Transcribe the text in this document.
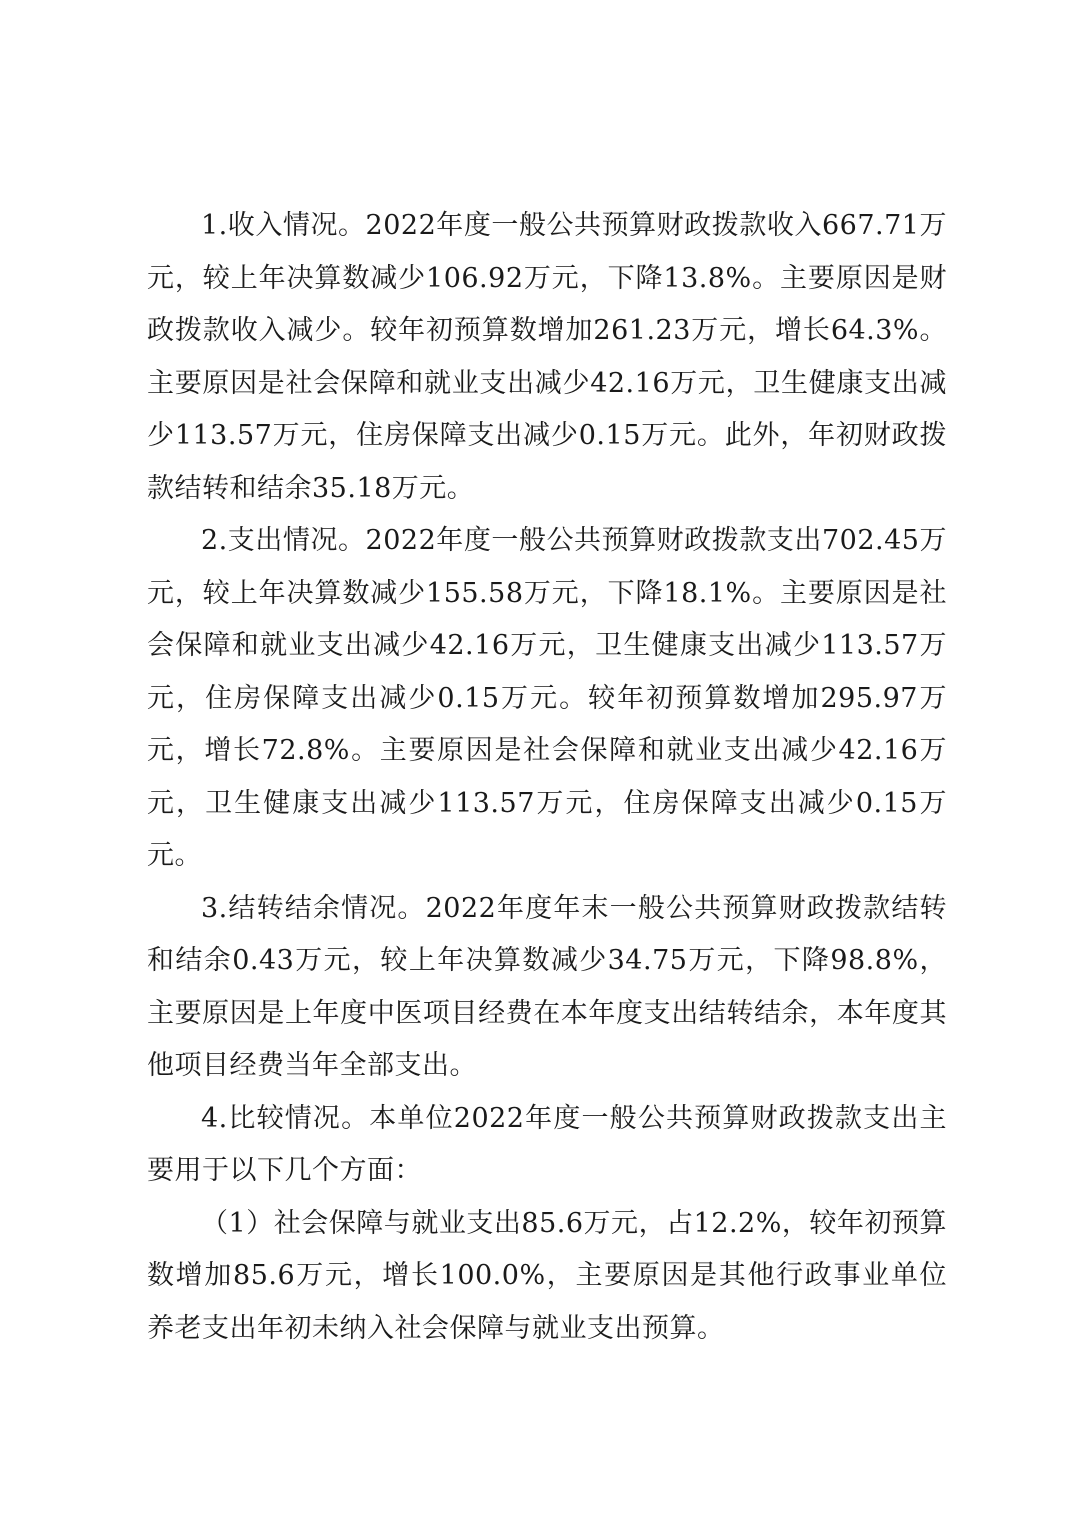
1.收入情况。2022年度一般公共预算财政拨款收入667.71万元，较上年决算数减少106.92万元，下降13.8%。主要原因是财政拨款收入减少。较年初预算数增加261.23万元，增长64.3%。主要原因是社会保障和就业支出减少42.16万元，卫生健康支出减少113.57万元，住房保障支出减少0.15万元。此外，年初财政拨款结转和结余35.18万元。

2.支出情况。2022年度一般公共预算财政拨款支出702.45万元，较上年决算数减少155.58万元，下降18.1%。主要原因是社会保障和就业支出减少42.16万元，卫生健康支出减少113.57万元，住房保障支出减少0.15万元。较年初预算数增加295.97万元，增长72.8%。主要原因是社会保障和就业支出减少42.16万元，卫生健康支出减少113.57万元，住房保障支出减少0.15万元。

3.结转结余情况。2022年度年末一般公共预算财政拨款结转和结余0.43万元，较上年决算数减少34.75万元，下降98.8%，主要原因是上年度中医项目经费在本年度支出结转结余，本年度其他项目经费当年全部支出。

4.比较情况。本单位2022年度一般公共预算财政拨款支出主要用于以下几个方面：

（1）社会保障与就业支出85.6万元，占12.2%，较年初预算数增加85.6万元，增长100.0%，主要原因是其他行政事业单位养老支出年初未纳入社会保障与就业支出预算。
